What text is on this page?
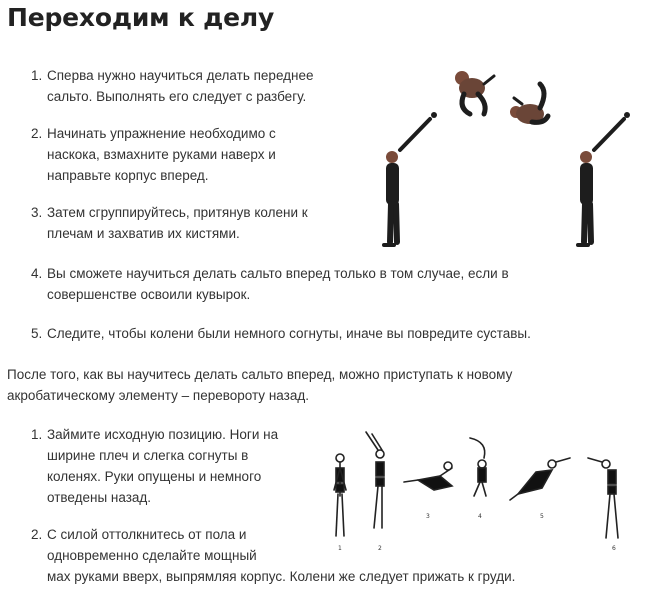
Переходим к делу
1. Сперва нужно научиться делать переднее
сальто. Выполнять его следует с разбегу.
2. Начинать упражнение необходимо с
наскока, взмахните руками наверх и
направьте корпус вперед.
3. Затем сгруппируйтесь, притянув колени к
плечам и захватив их кистями.
4. Вы сможете научиться делать сальто вперед только в том случае, если в
совершенстве освоили кувырок.
5. Следите, чтобы колени были немного согнуты, иначе вы повредите суставы.
После того, как вы научитесь делать сальто вперед, можно приступать к новому
акробатическому элементу – перевороту назад.
1. Займите исходную позицию. Ноги на
ширине плеч и слегка согнуты в
коленях. Руки опущены и немного
отведены назад.
2. С силой оттолкнитесь от пола и
одновременно сделайте мощный
мах руками вверх, выпрямляя корпус. Колени же следует прижать к груди.
1	2
3	4	5
6
